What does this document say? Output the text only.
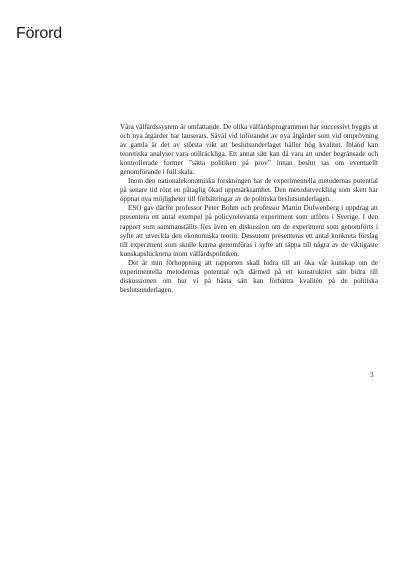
Förord

Våra välfärdssystem är omfattande. De olika välfärdsprogrammen har successivt byggts ut och nya åtgärder har lanserats. Såväl vid införandet av nya åtgärder som vid omprövning av gamla är det av största vikt att beslutsunderlaget håller hög kvalitet. Ibland kan teoretiska analyser vara otillräckliga. Ett annat sätt kan då vara att under begränsade och kontrollerade former ”sätta politiken på prov” innan beslut tas om eventuellt genomförande i full skala.

Inom den nationalekonomiska forskningen har de experimentella metodernas potential på senare tid rönt en påtaglig ökad uppmärksamhet. Den metodutveckling som skett har öppnat nya möjligheter till förbättringar av de politiska beslutsunderlagen.

ESO gav därför professor Peter Bohm och professor Martin Dufwenberg i uppdrag att presentera ett antal exempel på policyrelevanta experiment som utförts i Sverige. I den rapport som sammanställts förs även en diskussion om de experiment som genomförts i syfte att utveckla den ekonomiska teorin. Dessutom presenteras ett antal konkreta förslag till experiment som skulle kunna genomföras i syfte att täppa till några av de viktigaste kunskapsluckorna inom välfärdspolitiken.

Det är min förhoppning att rapporten skall bidra till att öka vår kunskap om de experimentella metodernas potential och därmed på ett konstruktivt sätt bidra till diskussionen om hur vi på bästa sätt kan förbättra kvalitén på de politiska beslutsunderlagen.

3
